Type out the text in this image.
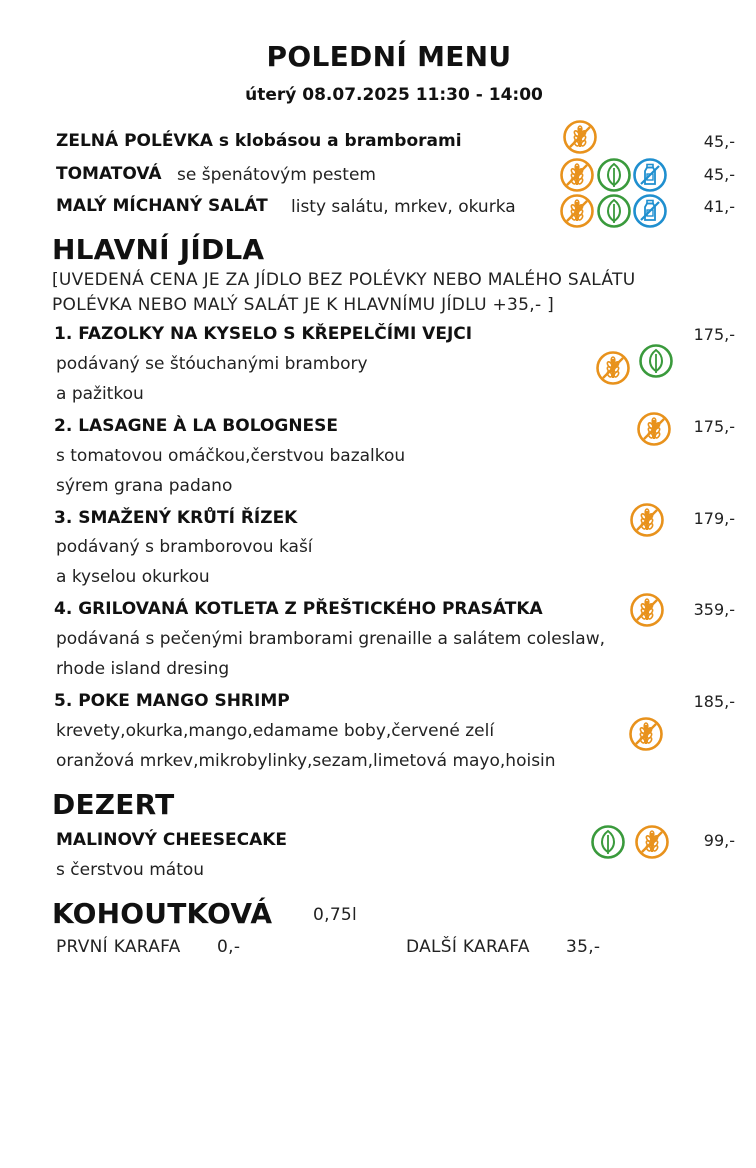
POLEDNÍ MENU
úterý 08.07.2025 11:30 - 14:00
ZELNÁ POLÉVKA s klobásou a bramborami	45,-
TOMATOVÁ se špenátovým pestem	45,-
MALÝ MÍCHANÝ SALÁT listy salátu, mrkev, okurka	41,-
HLAVNÍ JÍDLA
[UVEDENÁ CENA JE ZA JÍDLO BEZ POLÉVKY NEBO MALÉHO SALÁTU
POLÉVKA NEBO MALÝ SALÁT JE K HLAVNÍMU JÍDLU +35,- ]
1. FAZOLKY NA KYSELO S KŘEPELČÍMI VEJCI	175,-
podávaný se štóuchanými brambory
a pažitkou
2. LASAGNE À LA BOLOGNESE	175,-
s tomatovou omáčkou,čerstvou bazalkou
sýrem grana padano
3. SMAŽENÝ KRŮTÍ ŘÍZEK	179,-
podávaný s bramborovou kaší
a kyselou okurkou
4. GRILOVANÁ KOTLETA Z PŘEŠTICKÉHO PRASÁTKA	359,-
podávaná s pečenými bramborami grenaille a salátem coleslaw,
rhode island dresing
5. POKE MANGO SHRIMP	185,-
krevety,okurka,mango,edamame boby,červené zelí
oranžová mrkev,mikrobylinky,sezam,limetová mayo,hoisin
DEZERT
MALINOVÝ CHEESECAKE	99,-
s čerstvou mátou
KOHOUTKOVÁ 0,75l
PRVNÍ KARAFA 0,-	DALŠÍ KARAFA 35,-
